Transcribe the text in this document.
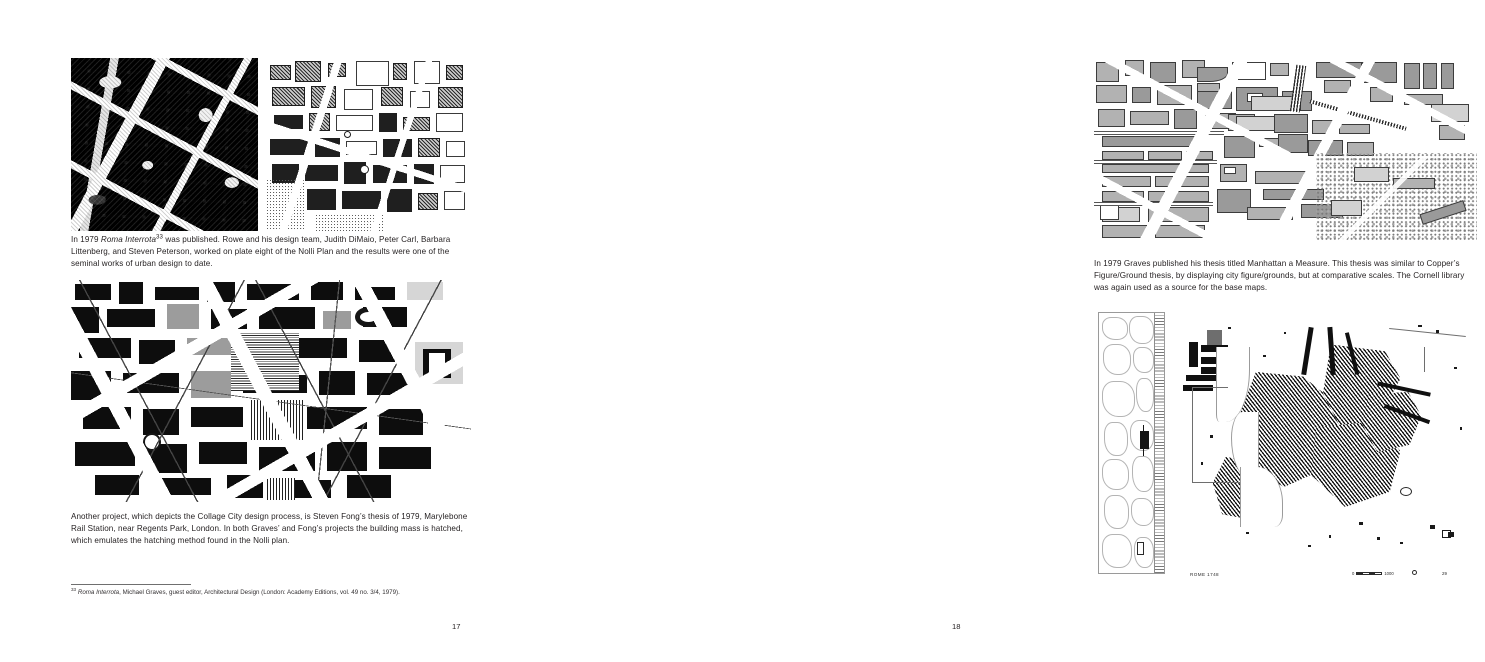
In 1979 Roma Interrota$^{33}$ was published. Rowe and his design team, Judith DiMaio, Peter Carl, Barbara Littenberg, and Steven Peterson, worked on plate eight of the Nolli Plan and the results were one of the seminal works of urban design to date.
Another project, which depicts the Collage City design process, is Steven Fong’s thesis of 1979, Marylebone Rail Station, near Regents Park, London. In both Graves’ and Fong’s projects the building mass is hatched, which emulates the hatching method found in the Nolli plan.
$^{33}$ Roma Interrota, Michael Graves, guest editor, Architectural Design (London: Academy Editions, vol. 49 no. 3/4, 1979).
17
In 1979 Graves published his thesis titled Manhattan a Measure. This thesis was similar to Copper’s Figure/Ground thesis, by displaying city figure/grounds, but at comparative scales. The Cornell library was again used as a source for the base maps.
ROME 1748	0	1000	29
18
